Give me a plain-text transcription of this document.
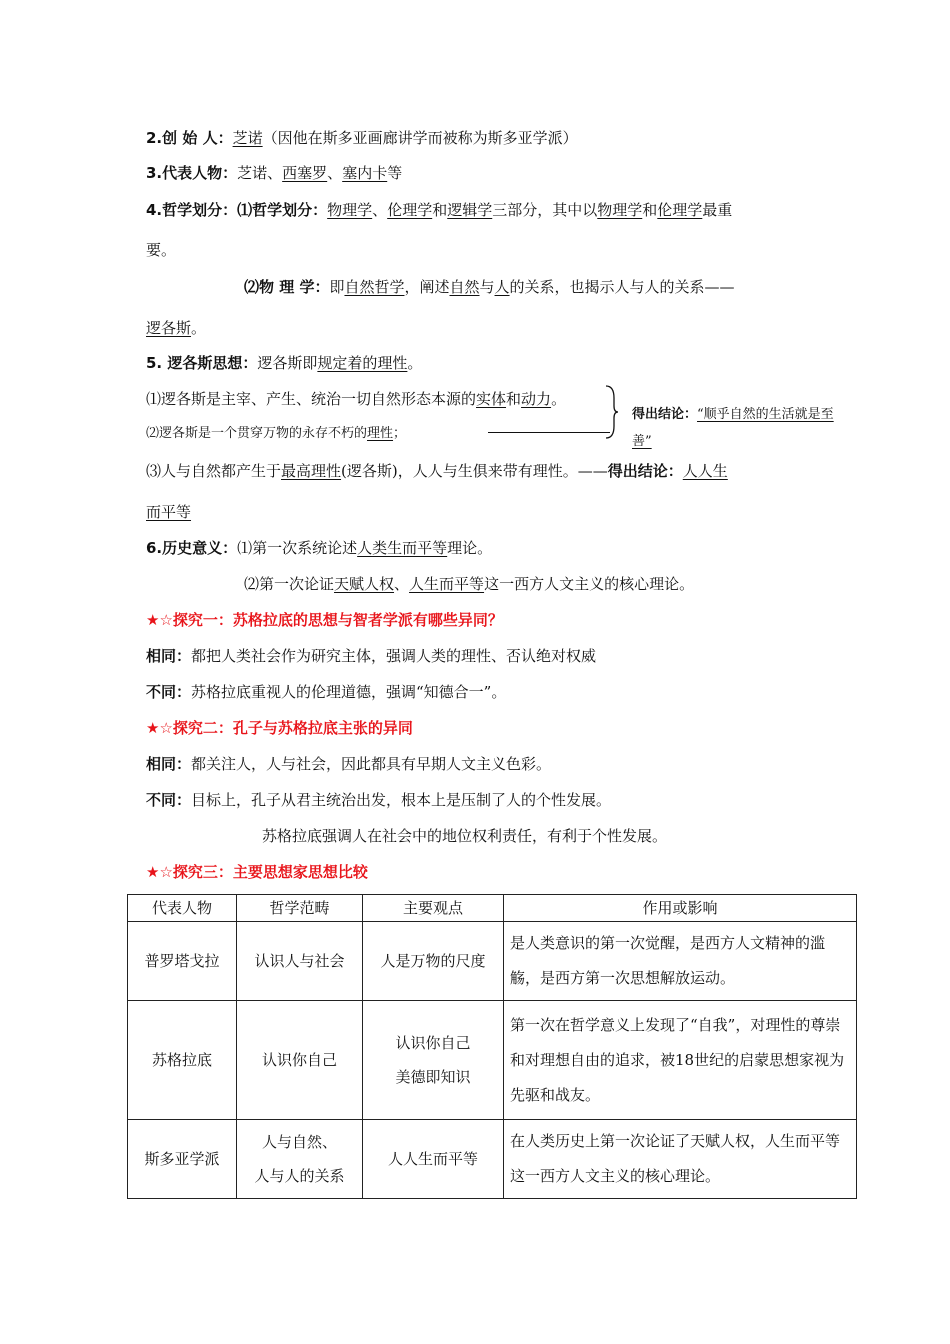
2.创 始 人：芝诺（因他在斯多亚画廊讲学而被称为斯多亚学派）
3.代表人物：芝诺、西塞罗、塞内卡等
4.哲学划分：⑴哲学划分：物理学、伦理学和逻辑学三部分，其中以物理学和伦理学最重
要。
⑵物 理 学：即自然哲学，阐述自然与人的关系，也揭示人与人的关系——
逻各斯。
5. 逻各斯思想：逻各斯即规定着的理性。
⑴逻各斯是主宰、产生、统治一切自然形态本源的实体和动力。
⑵逻各斯是一个贯穿万物的永存不朽的理性；
得出结论：“顺乎自然的生活就是至
善”
⑶人与自然都产生于最高理性(逻各斯)，人人与生俱来带有理性。——得出结论：人人生
而平等
6.历史意义：⑴第一次系统论述人类生而平等理论。
⑵第一次论证天赋人权、人生而平等这一西方人文主义的核心理论。
★☆探究一：苏格拉底的思想与智者学派有哪些异同？
相同：都把人类社会作为研究主体，强调人类的理性、否认绝对权威
不同：苏格拉底重视人的伦理道德，强调“知德合一”。
★☆探究二：孔子与苏格拉底主张的异同
相同：都关注人，人与社会，因此都具有早期人文主义色彩。
不同：目标上，孔子从君主统治出发，根本上是压制了人的个性发展。
苏格拉底强调人在社会中的地位权利责任，有利于个性发展。
★☆探究三：主要思想家思想比较
代表人物	哲学范畴	主要观点	作用或影响
普罗塔戈拉	认识人与社会	人是万物的尺度	是人类意识的第一次觉醒，是西方人文精神的滥觞，是西方第一次思想解放运动。
苏格拉底	认识你自己	认识你自己
美德即知识	第一次在哲学意义上发现了“自我”，对理性的尊崇和对理想自由的追求，被18世纪的启蒙思想家视为先驱和战友。
斯多亚学派	人与自然、
人与人的关系	人人生而平等	在人类历史上第一次论证了天赋人权，人生而平等这一西方人文主义的核心理论。
